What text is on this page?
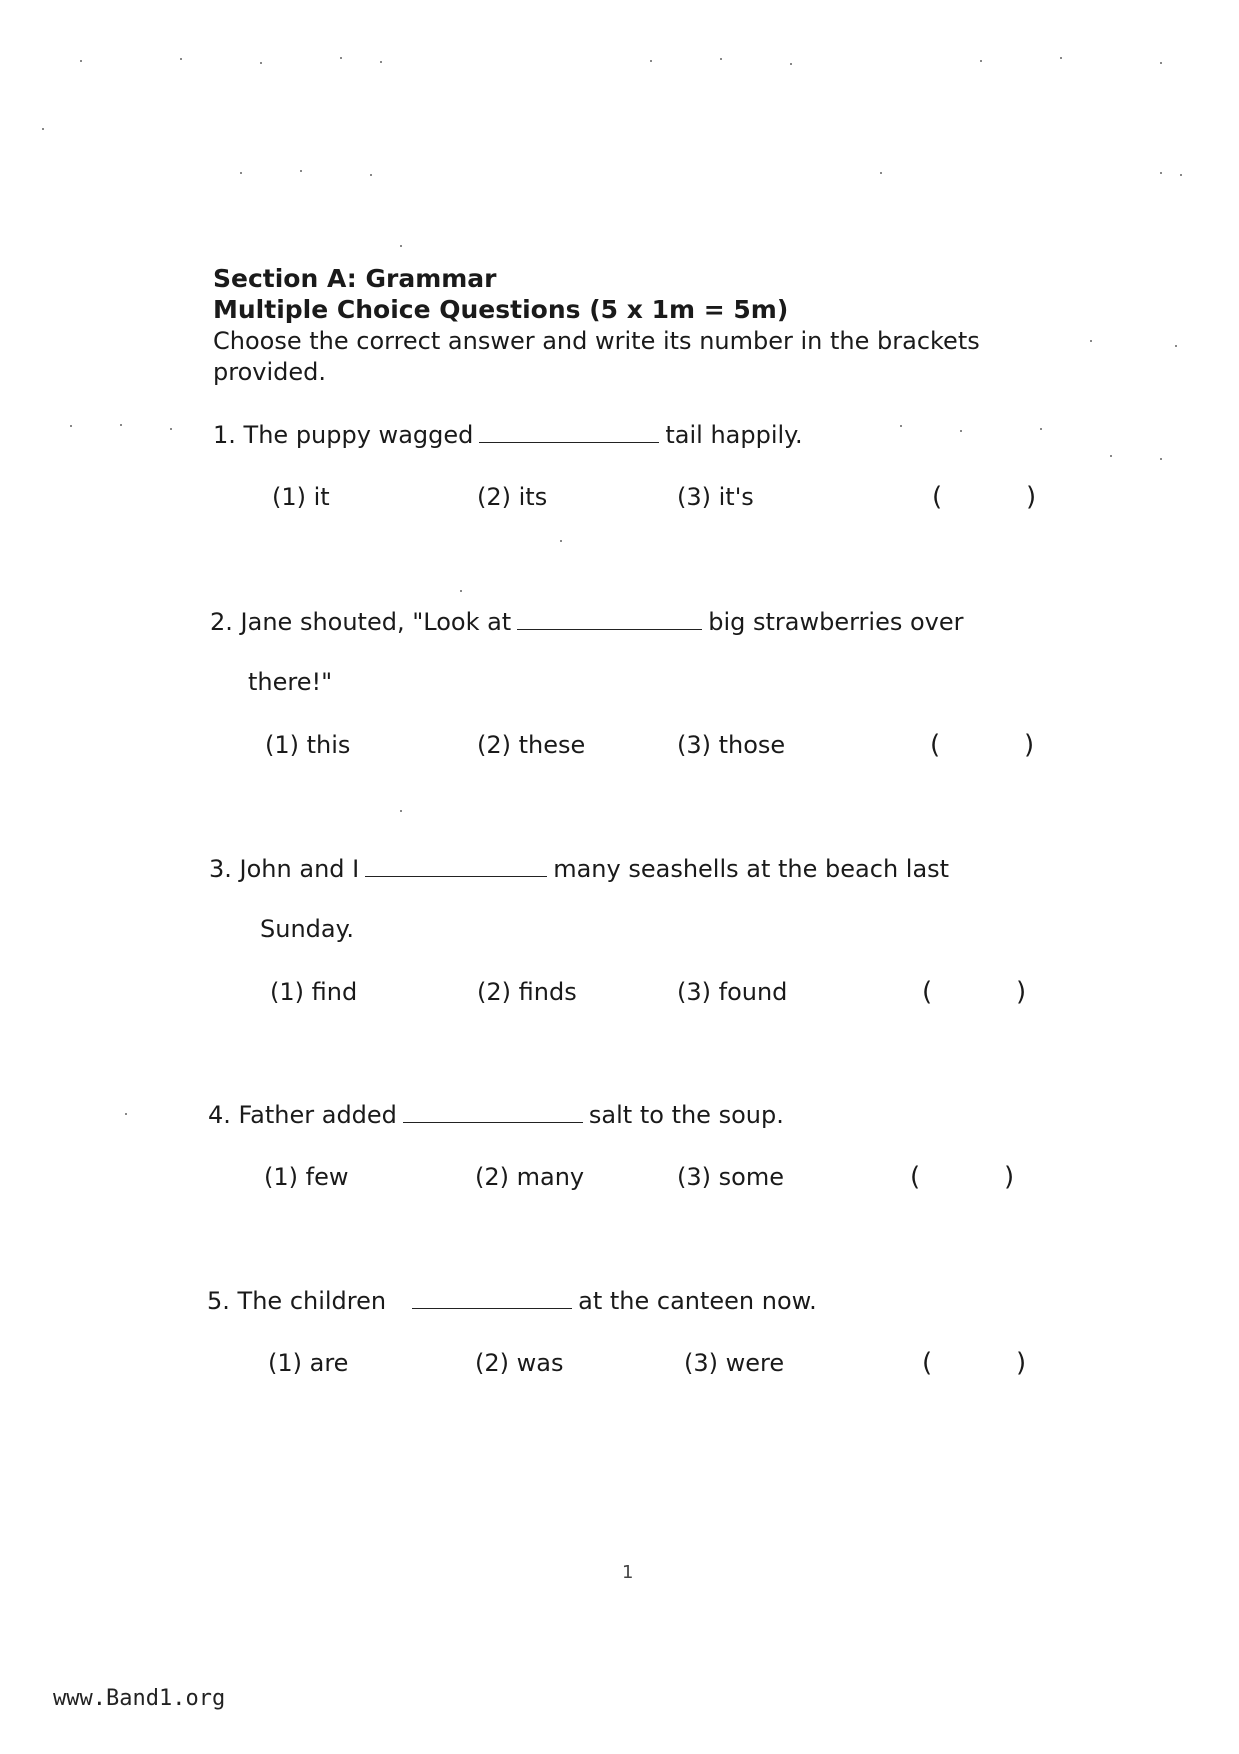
Section A: Grammar
Multiple Choice Questions (5 x 1m = 5m)
Choose the correct answer and write its number in the brackets provided.
1. The puppy wagged	tail happily.
(1) it	(2) its	(3) it's	(	)
2. Jane shouted, "Look at	big strawberries over
there!"
(1) this	(2) these	(3) those	(	)
3. John and I	many seashells at the beach last
Sunday.
(1) find	(2) finds	(3) found	(	)
4. Father added	salt to the soup.
(1) few	(2) many	(3) some	(	)
5. The children	at the canteen now.
(1) are	(2) was	(3) were	(	)
1
www.Band1.org
